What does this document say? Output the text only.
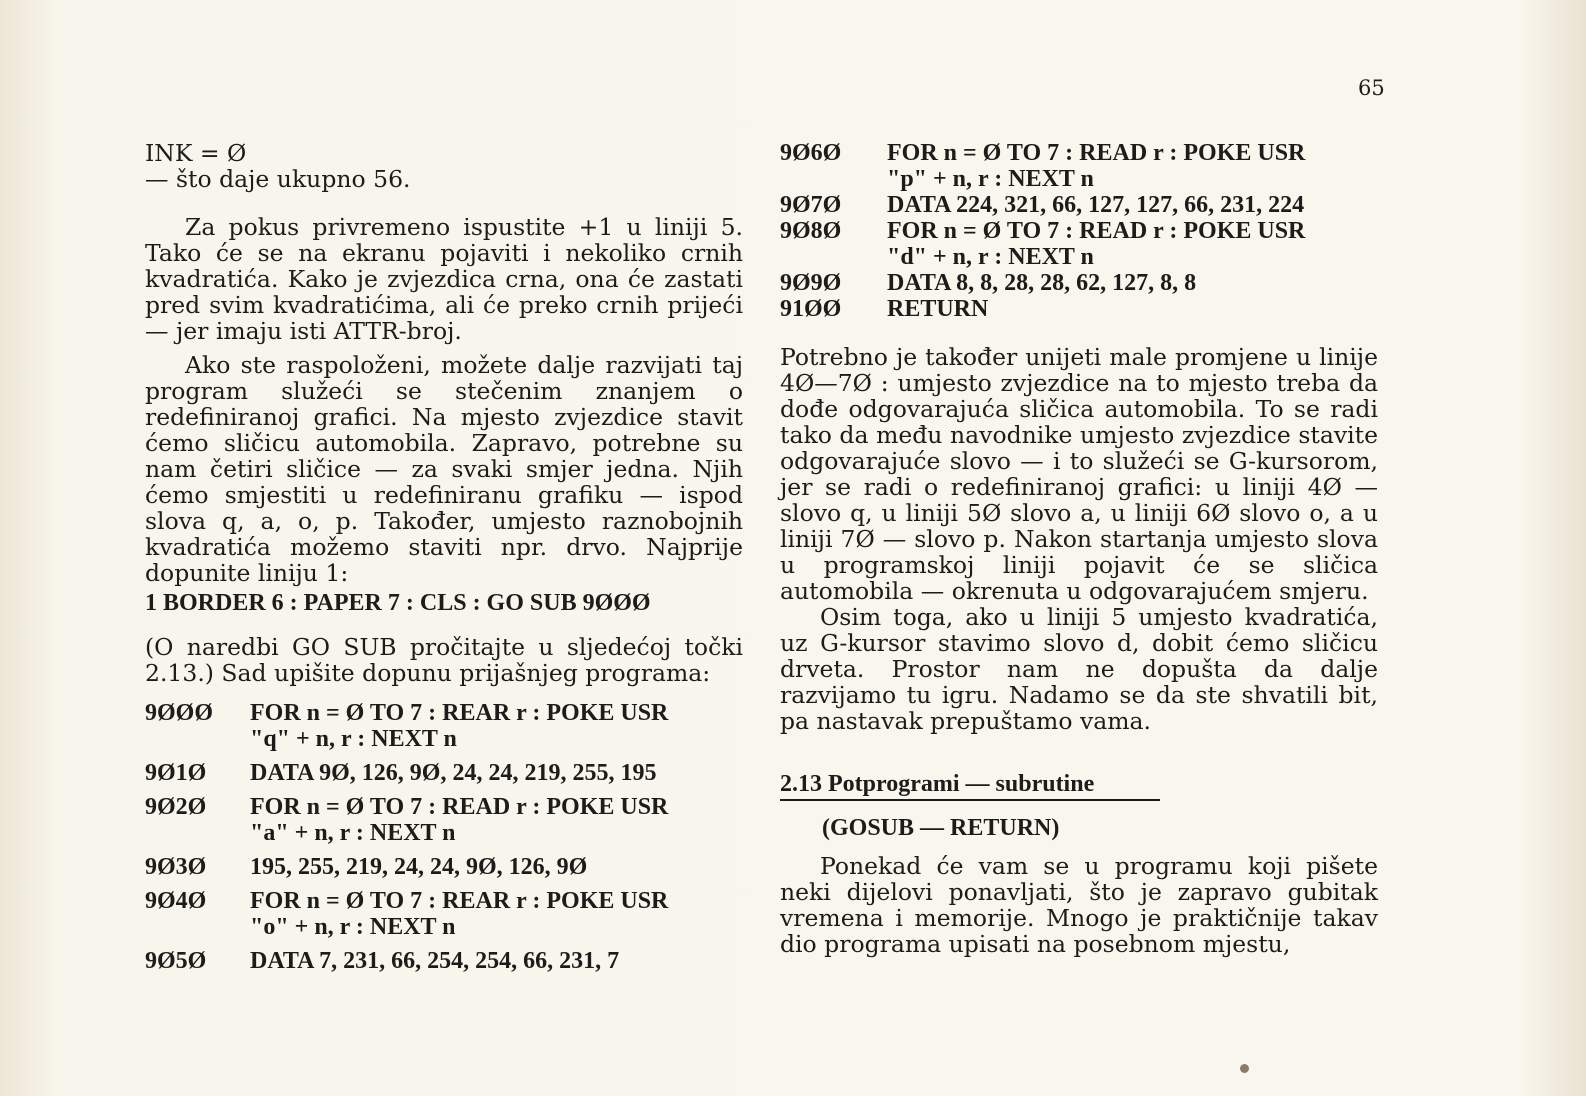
65
INK = Ø
— što daje ukupno 56.

Za pokus privremeno ispustite +1 u liniji 5. Tako će se na ekranu pojaviti i nekoliko crnih kvadratića. Kako je zvjezdica crna, ona će zastati pred svim kvadratićima, ali će preko crnih prijeći — jer imaju isti ATTR-broj.

Ako ste raspoloženi, možete dalje razvijati taj program služeći se stečenim znanjem o redefiniranoj grafici. Na mjesto zvjezdice stavit ćemo sličicu automobila. Zapravo, potrebne su nam četiri sličice — za svaki smjer jedna. Njih ćemo smjestiti u redefiniranu grafiku — ispod slova q, a, o, p. Također, umjesto raznobojnih kvadratića možemo staviti npr. drvo. Najprije dopunite liniju 1:

1 BORDER 6 : PAPER 7 : CLS : GO SUB 9ØØØ

(O naredbi GO SUB pročitajte u sljedećoj točki 2.13.) Sad upišite dopunu prijašnjeg programa:

9ØØØ	FOR n = Ø TO 7 : REAR r : POKE USR
"q" + n, r : NEXT n
9Ø1Ø	DATA 9Ø, 126, 9Ø, 24, 24, 219, 255, 195
9Ø2Ø	FOR n = Ø TO 7 : READ r : POKE USR
"a" + n, r : NEXT n
9Ø3Ø	195, 255, 219, 24, 24, 9Ø, 126, 9Ø
9Ø4Ø	FOR n = Ø TO 7 : REAR r : POKE USR
"o" + n, r : NEXT n
9Ø5Ø	DATA 7, 231, 66, 254, 254, 66, 231, 7
9Ø6Ø	FOR n = Ø TO 7 : READ r : POKE USR
"p" + n, r : NEXT n
9Ø7Ø	DATA 224, 321, 66, 127, 127, 66, 231, 224
9Ø8Ø	FOR n = Ø TO 7 : READ r : POKE USR
"d" + n, r : NEXT n
9Ø9Ø	DATA 8, 8, 28, 28, 62, 127, 8, 8
91ØØ	RETURN

Potrebno je također unijeti male promjene u linije 4Ø—7Ø : umjesto zvjezdice na to mjesto treba da dođe odgovarajuća sličica automobila. To se radi tako da među navodnike umjesto zvjezdice stavite odgovarajuće slovo — i to služeći se G-kursorom, jer se radi o redefiniranoj grafici: u liniji 4Ø — slovo q, u liniji 5Ø slovo a, u liniji 6Ø slovo o, a u liniji 7Ø — slovo p. Nakon startanja umjesto slova u programskoj liniji pojavit će se sličica automobila — okrenuta u odgovarajućem smjeru.

Osim toga, ako u liniji 5 umjesto kvadratića, uz G-kursor stavimo slovo d, dobit ćemo sličicu drveta. Prostor nam ne dopušta da dalje razvijamo tu igru. Nadamo se da ste shvatili bit, pa nastavak prepuštamo vama.

2.13 Potprogrami — subrutine
(GOSUB — RETURN)

Ponekad će vam se u programu koji pišete neki dijelovi ponavljati, što je zapravo gubitak vremena i memorije. Mnogo je praktičnije takav dio programa upisati na posebnom mjestu,
